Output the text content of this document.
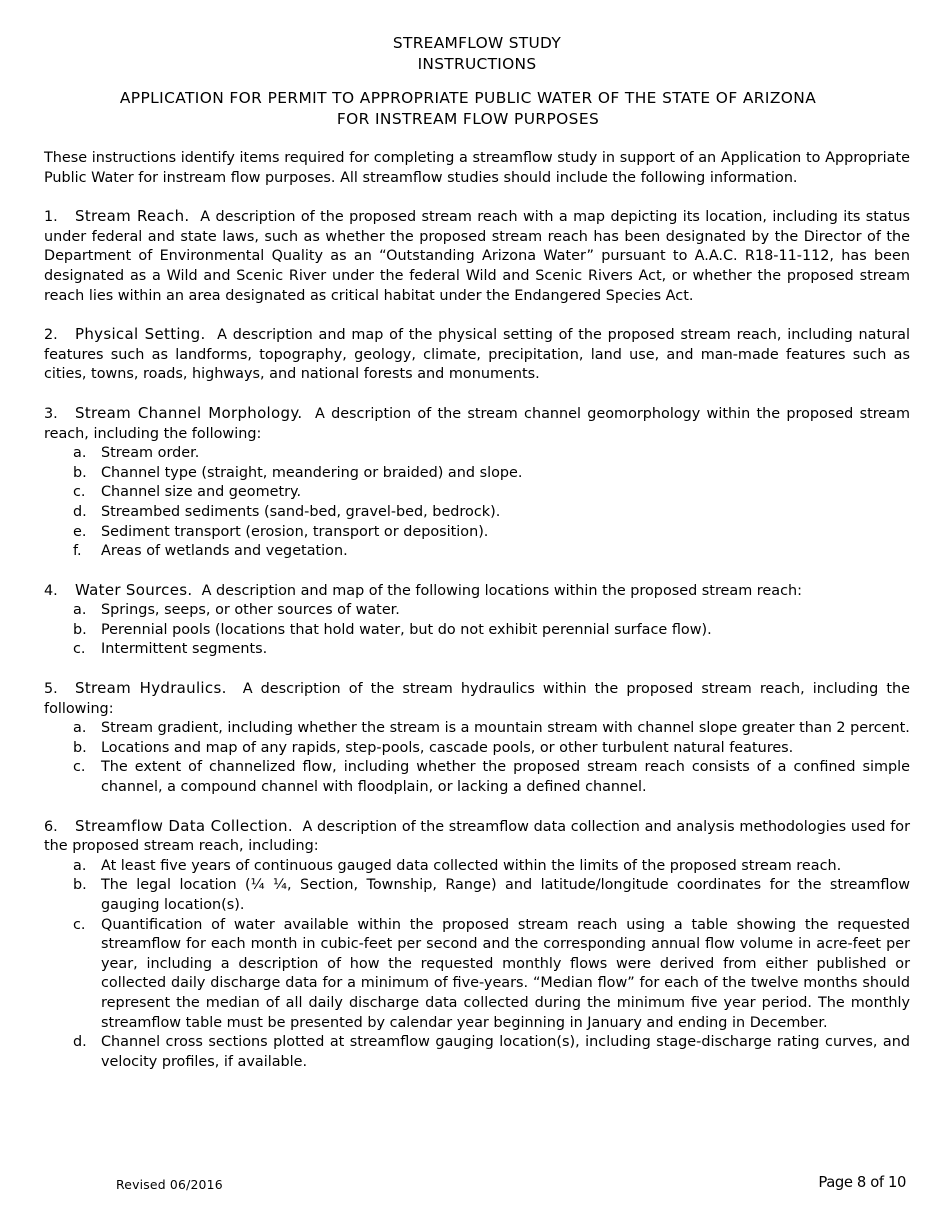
STREAMFLOW STUDY
INSTRUCTIONS
APPLICATION FOR PERMIT TO APPROPRIATE PUBLIC WATER OF THE STATE OF ARIZONA
FOR INSTREAM FLOW PURPOSES

These instructions identify items required for completing a streamflow study in support of an Application to Appropriate Public Water for instream flow purposes. All streamflow studies should include the following information.

1. Stream Reach. A description of the proposed stream reach with a map depicting its location, including its status under federal and state laws, such as whether the proposed stream reach has been designated by the Director of the Department of Environmental Quality as an “Outstanding Arizona Water” pursuant to A.A.C. R18-11-112, has been designated as a Wild and Scenic River under the federal Wild and Scenic Rivers Act, or whether the proposed stream reach lies within an area designated as critical habitat under the Endangered Species Act.

2. Physical Setting. A description and map of the physical setting of the proposed stream reach, including natural features such as landforms, topography, geology, climate, precipitation, land use, and man-made features such as cities, towns, roads, highways, and national forests and monuments.

3. Stream Channel Morphology. A description of the stream channel geomorphology within the proposed stream reach, including the following:

a. Stream order.
b. Channel type (straight, meandering or braided) and slope.
c. Channel size and geometry.
d. Streambed sediments (sand-bed, gravel-bed, bedrock).
e. Sediment transport (erosion, transport or deposition).
f. Areas of wetlands and vegetation.

4. Water Sources. A description and map of the following locations within the proposed stream reach:

a. Springs, seeps, or other sources of water.
b. Perennial pools (locations that hold water, but do not exhibit perennial surface flow).
c. Intermittent segments.

5. Stream Hydraulics. A description of the stream hydraulics within the proposed stream reach, including the following:

a. Stream gradient, including whether the stream is a mountain stream with channel slope greater than 2 percent.
b. Locations and map of any rapids, step-pools, cascade pools, or other turbulent natural features.
c. The extent of channelized flow, including whether the proposed stream reach consists of a confined simple channel, a compound channel with floodplain, or lacking a defined channel.

6. Streamflow Data Collection. A description of the streamflow data collection and analysis methodologies used for the proposed stream reach, including:

a. At least five years of continuous gauged data collected within the limits of the proposed stream reach.
b. The legal location (¼ ¼, Section, Township, Range) and latitude/longitude coordinates for the streamflow gauging location(s).
c. Quantification of water available within the proposed stream reach using a table showing the requested streamflow for each month in cubic-feet per second and the corresponding annual flow volume in acre-feet per year, including a description of how the requested monthly flows were derived from either published or collected daily discharge data for a minimum of five-years. “Median flow” for each of the twelve months should represent the median of all daily discharge data collected during the minimum five year period. The monthly streamflow table must be presented by calendar year beginning in January and ending in December.
d. Channel cross sections plotted at streamflow gauging location(s), including stage-discharge rating curves, and velocity profiles, if available.
Revised 06/2016	Page 8 of 10
